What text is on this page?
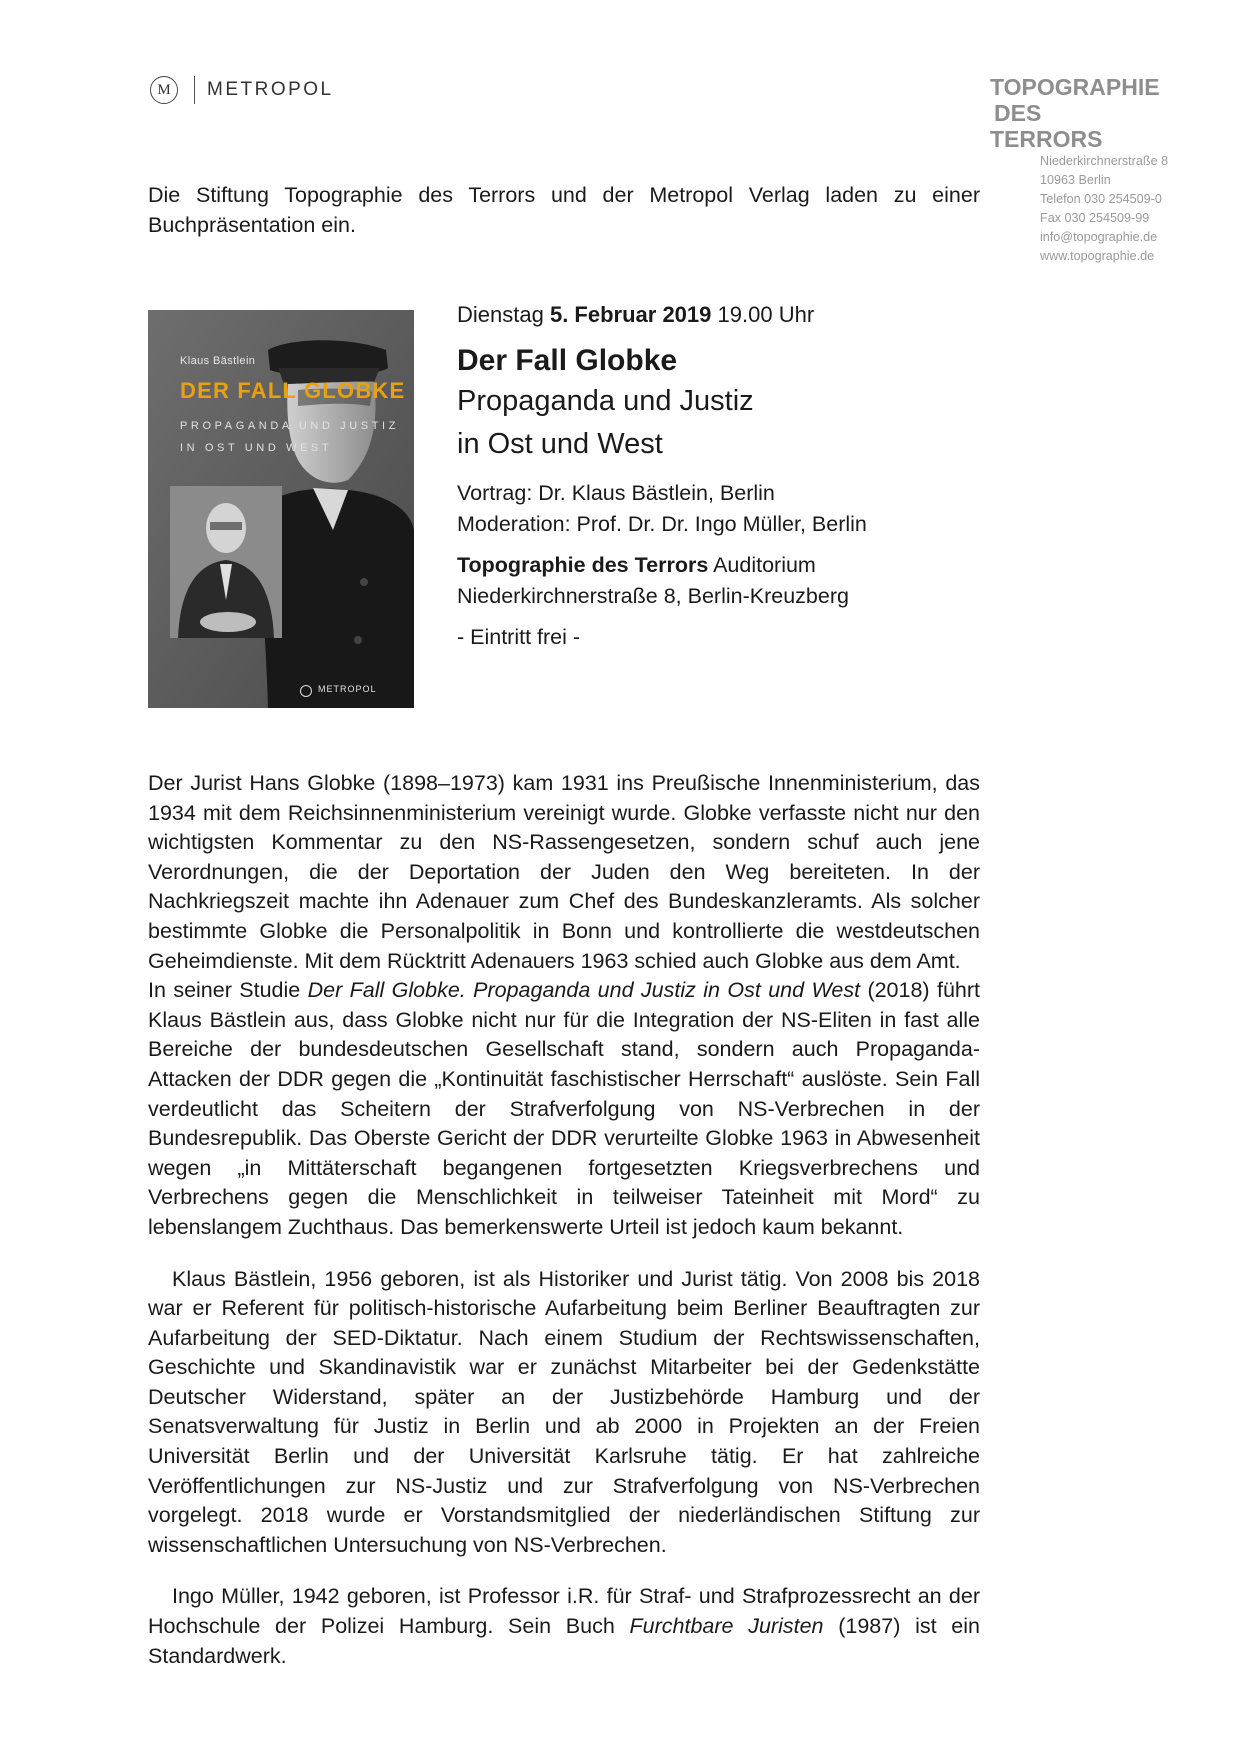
M	METROPOL	TOPOGRAPHIE
DES
TERRORS
Niederkirchnerstraße 8
10963 Berlin
Telefon 030 254509-0
Fax 030 254509-99
info@topographie.de
www.topographie.de
Die Stiftung Topographie des Terrors und der Metropol Verlag laden zu einer
Buchpräsentation ein.
Klaus Bästlein
DER FALL GLOBKE
PROPAGANDA UND JUSTIZ
IN OST UND WEST
METROPOL
Dienstag 5. Februar 2019 19.00 Uhr
Der Fall Globke
Propaganda und Justiz
in Ost und West
Vortrag: Dr. Klaus Bästlein, Berlin
Moderation: Prof. Dr. Dr. Ingo Müller, Berlin
Topographie des Terrors Auditorium
Niederkirchnerstraße 8, Berlin-Kreuzberg
- Eintritt frei -

Der Jurist Hans Globke (1898–1973) kam 1931 ins Preußische Innenministerium, das 1934 mit dem Reichsinnenministerium vereinigt wurde. Globke verfasste nicht nur den wichtigsten Kommentar zu den NS-Rassengesetzen, sondern schuf auch jene Verordnungen, die der Deportation der Juden den Weg bereiteten. In der Nachkriegszeit machte ihn Adenauer zum Chef des Bundeskanzleramts. Als solcher bestimmte Globke die Personalpolitik in Bonn und kontrollierte die westdeutschen Geheimdienste. Mit dem Rücktritt Adenauers 1963 schied auch Globke aus dem Amt.

In seiner Studie Der Fall Globke. Propaganda und Justiz in Ost und West (2018) führt Klaus Bästlein aus, dass Globke nicht nur für die Integration der NS-Eliten in fast alle Bereiche der bundesdeutschen Gesellschaft stand, sondern auch Propaganda-Attacken der DDR gegen die „Kontinuität faschistischer Herrschaft“ auslöste. Sein Fall verdeutlicht das Scheitern der Strafverfolgung von NS-Verbrechen in der Bundesrepublik. Das Oberste Gericht der DDR verurteilte Globke 1963 in Abwesenheit wegen „in Mittäterschaft begangenen fortgesetzten Kriegsverbrechens und Verbrechens gegen die Menschlichkeit in teilweiser Tateinheit mit Mord“ zu lebenslangem Zuchthaus. Das bemerkenswerte Urteil ist jedoch kaum bekannt.

Klaus Bästlein, 1956 geboren, ist als Historiker und Jurist tätig. Von 2008 bis 2018 war er Referent für politisch-historische Aufarbeitung beim Berliner Beauftragten zur Aufarbeitung der SED-Diktatur. Nach einem Studium der Rechtswissenschaften, Geschichte und Skandinavistik war er zunächst Mitarbeiter bei der Gedenkstätte Deutscher Widerstand, später an der Justizbehörde Hamburg und der Senatsverwaltung für Justiz in Berlin und ab 2000 in Projekten an der Freien Universität Berlin und der Universität Karlsruhe tätig. Er hat zahlreiche Veröffentlichungen zur NS-Justiz und zur Strafverfolgung von NS-Verbrechen vorgelegt. 2018 wurde er Vorstandsmitglied der niederländischen Stiftung zur wissenschaftlichen Untersuchung von NS-Verbrechen.

Ingo Müller, 1942 geboren, ist Professor i.R. für Straf- und Strafprozessrecht an der Hochschule der Polizei Hamburg. Sein Buch Furchtbare Juristen (1987) ist ein Standardwerk.
